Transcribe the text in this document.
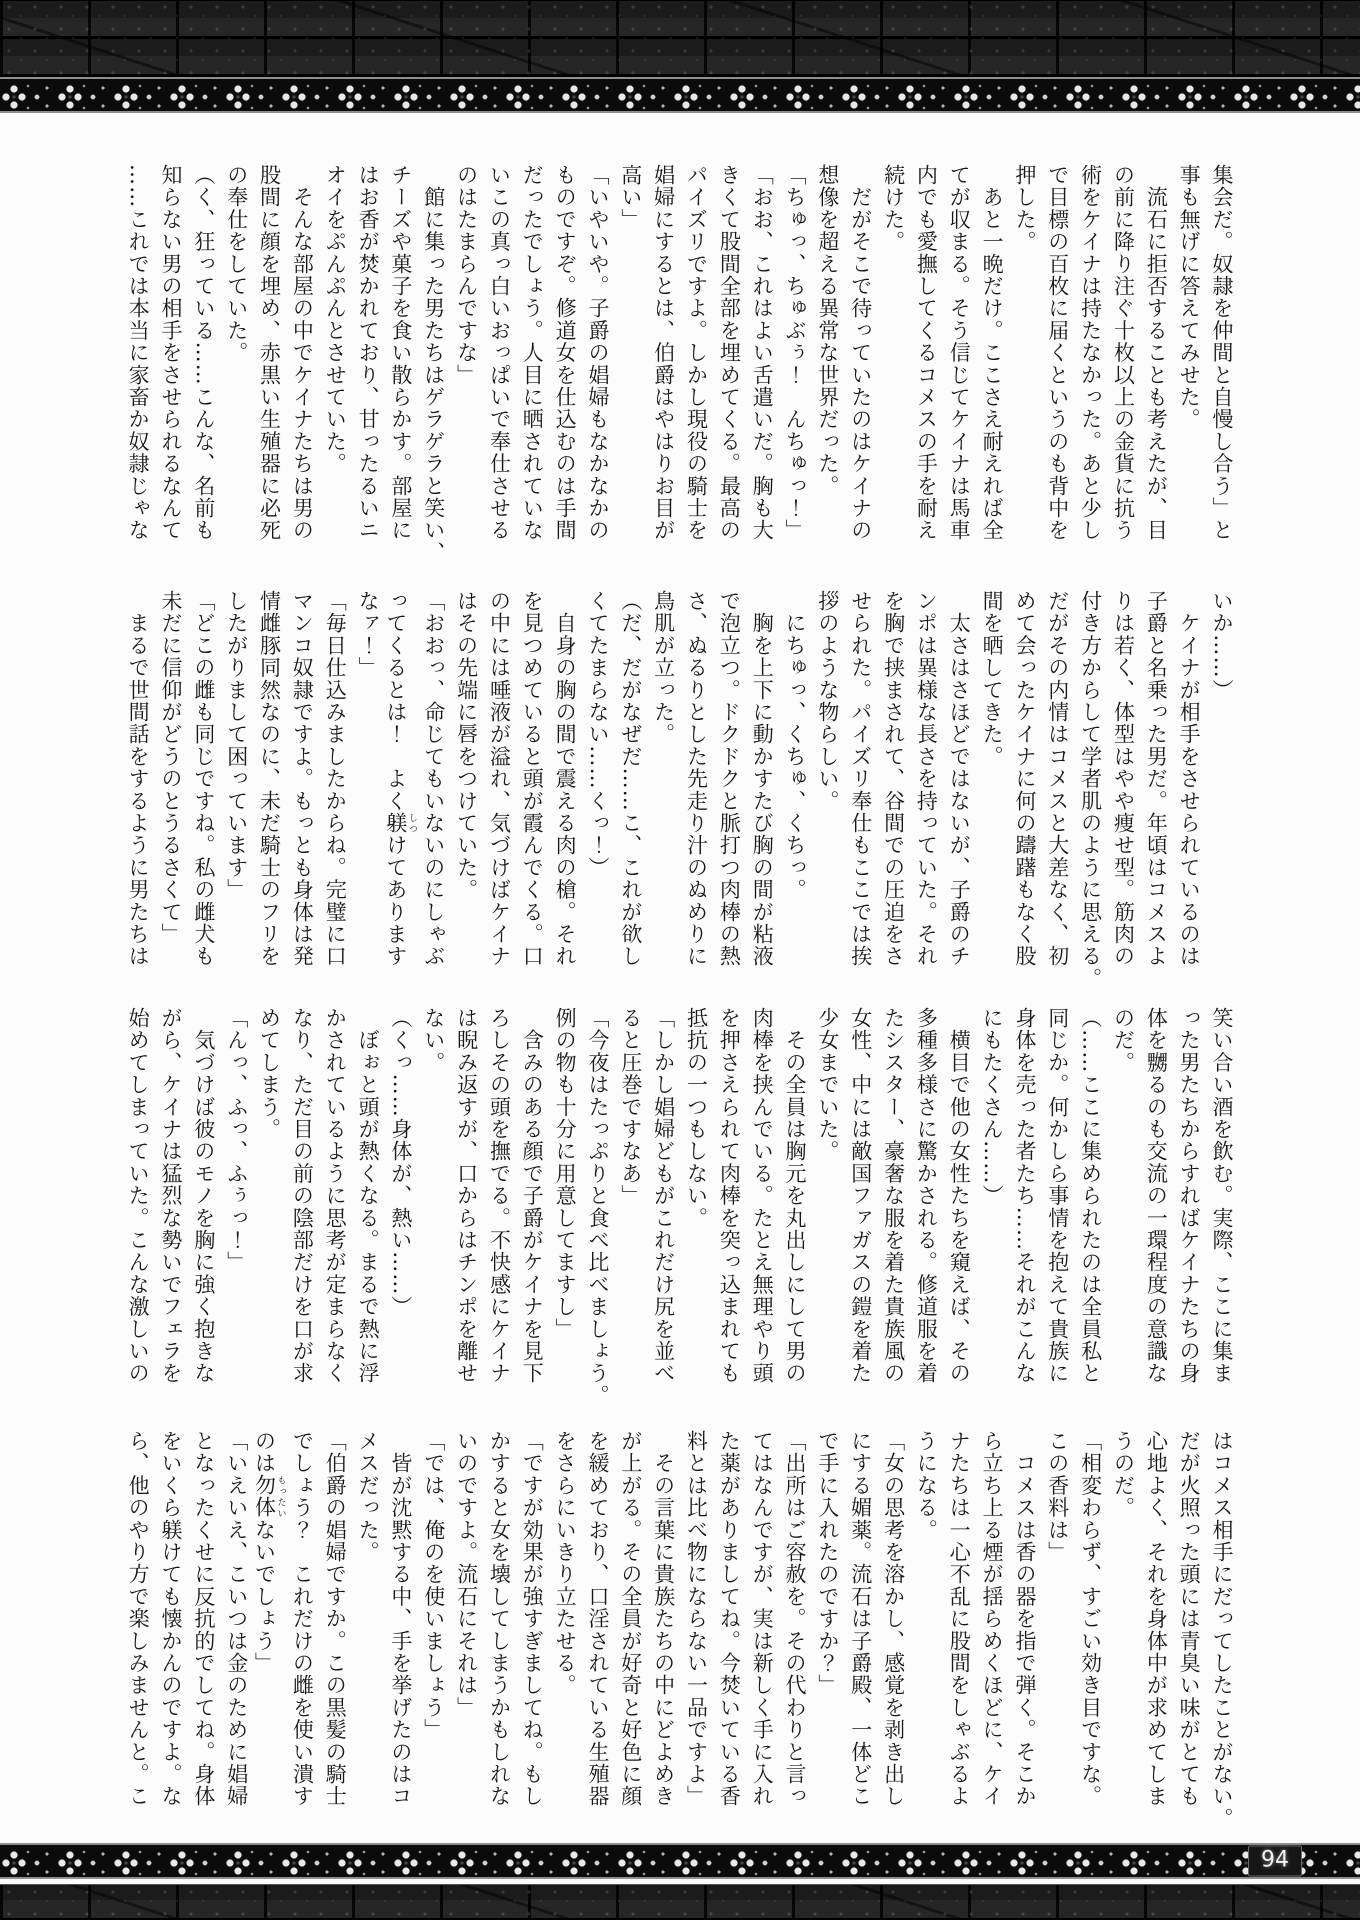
集会だ。奴隷を仲間と自慢し合う」と
事も無げに答えてみせた。
　流石に拒否することも考えたが、目
の前に降り注ぐ十枚以上の金貨に抗う
術をケイナは持たなかった。あと少し
で目標の百枚に届くというのも背中を
押した。
　あと一晩だけ。ここさえ耐えれば全
てが収まる。そう信じてケイナは馬車
内でも愛撫してくるコメスの手を耐え
続けた。
　だがそこで待っていたのはケイナの
想像を超える異常な世界だった。
「ちゅっ、ちゅぶぅ！　んちゅっ！」
「おお、これはよい舌遣いだ。胸も大
きくて股間全部を埋めてくる。最高の
パイズリですよ。しかし現役の騎士を
娼婦にするとは、伯爵はやはりお目が
高い」
「いやいや。子爵の娼婦もなかなかの
ものですぞ。修道女を仕込むのは手間
だったでしょう。人目に晒されていな
いこの真っ白いおっぱいで奉仕させる
のはたまらんですな」
　館に集った男たちはゲラゲラと笑い、
チーズや菓子を食い散らかす。部屋に
はお香が焚かれており、甘ったるいニ
オイをぷんぷんとさせていた。
　そんな部屋の中でケイナたちは男の
股間に顔を埋め、赤黒い生殖器に必死
の奉仕をしていた。
（く、狂っている……こんな、名前も
知らない男の相手をさせられるなんて
……これでは本当に家畜か奴隷じゃな
いか……）
　ケイナが相手をさせられているのは
子爵と名乗った男だ。年頃はコメスよ
りは若く、体型はやや痩せ型。筋肉の
付き方からして学者肌のように思える。
だがその内情はコメスと大差なく、初
めて会ったケイナに何の躊躇もなく股
間を晒してきた。
　太さはさほどではないが、子爵のチ
ンポは異様な長さを持っていた。それ
を胸で挟まされて、谷間での圧迫をさ
せられた。パイズリ奉仕もここでは挨
拶のような物らしい。
　にちゅっ、くちゅ、くちっ。
　胸を上下に動かすたび胸の間が粘液
で泡立つ。ドクドクと脈打つ肉棒の熱
さ、ぬるりとした先走り汁のぬめりに
鳥肌が立った。
（だ、だがなぜだ……こ、これが欲し
くてたまらない……くっ！）
　自身の胸の間で震える肉の槍。それ
を見つめていると頭が霞んでくる。口
の中には唾液が溢れ、気づけばケイナ
はその先端に唇をつけていた。
「おおっ、命じてもいないのにしゃぶ
ってくるとは！　よく躾 しつけてあります
なァ！」
「毎日仕込みましたからね。完璧に口
マンコ奴隷ですよ。もっとも身体は発
情雌豚同然なのに、未だ騎士のフリを
したがりまして困っています」
「どこの雌も同じですね。私の雌犬も
未だに信仰がどうのとうるさくて」
　まるで世間話をするように男たちは
笑い合い酒を飲む。実際、ここに集ま
った男たちからすればケイナたちの身
体を嬲るのも交流の一環程度の意識な
のだ。
（……ここに集められたのは全員私と
同じか。何かしら事情を抱えて貴族に
身体を売った者たち……それがこんな
にもたくさん……）
　横目で他の女性たちを窺えば、その
多種多様さに驚かされる。修道服を着
たシスター、豪奢な服を着た貴族風の
女性、中には敵国ファガスの鎧を着た
少女までいた。
　その全員は胸元を丸出しにして男の
肉棒を挟んでいる。たとえ無理やり頭
を押さえられて肉棒を突っ込まれても
抵抗の一つもしない。
「しかし娼婦どもがこれだけ尻を並べ
ると圧巻ですなあ」
「今夜はたっぷりと食べ比べましょう。
例の物も十分に用意してますし」
　含みのある顔で子爵がケイナを見下
ろしその頭を撫でる。不快感にケイナ
は睨み返すが、口からはチンポを離せ
ない。
（くっ……身体が、熱い……）
　ぼぉと頭が熱くなる。まるで熱に浮
かされているように思考が定まらなく
なり、ただ目の前の陰部だけを口が求
めてしまう。
「んっ、ふっ、ふぅっ！」
　気づけば彼のモノを胸に強く抱きな
がら、ケイナは猛烈な勢いでフェラを
始めてしまっていた。こんな激しいの
はコメス相手にだってしたことがない。
だが火照った頭には青臭い味がとても
心地よく、それを身体中が求めてしま
うのだ。
「相変わらず、すごい効き目ですな。
この香料は」
　コメスは香の器を指で弾く。そこか
ら立ち上る煙が揺らめくほどに、ケイ
ナたちは一心不乱に股間をしゃぶるよ
うになる。
「女の思考を溶かし、感覚を剥き出し
にする媚薬。流石は子爵殿、一体どこ
で手に入れたのですか？」
「出所はご容赦を。その代わりと言っ
てはなんですが、実は新しく手に入れ
た薬がありましてね。今焚いている香
料とは比べ物にならない一品ですよ」
　その言葉に貴族たちの中にどよめき
が上がる。その全員が好奇と好色に顔
を緩めており、口淫されている生殖器
をさらにいきり立たせる。
「ですが効果が強すぎましてね。もし
かすると女を壊してしまうかもしれな
いのですよ。流石にそれは」
「では、俺のを使いましょう」
　皆が沈黙する中、手を挙げたのはコ
メスだった。
「伯爵の娼婦ですか。この黒髪の騎士
でしょう？　これだけの雌を使い潰す
のは勿体 もったいないでしょう」
「いえいえ、こいつは金のために娼婦
となったくせに反抗的でしてね。身体
をいくら躾けても懐かんのですよ。な
ら、他のやり方で楽しみませんと。こ
94
